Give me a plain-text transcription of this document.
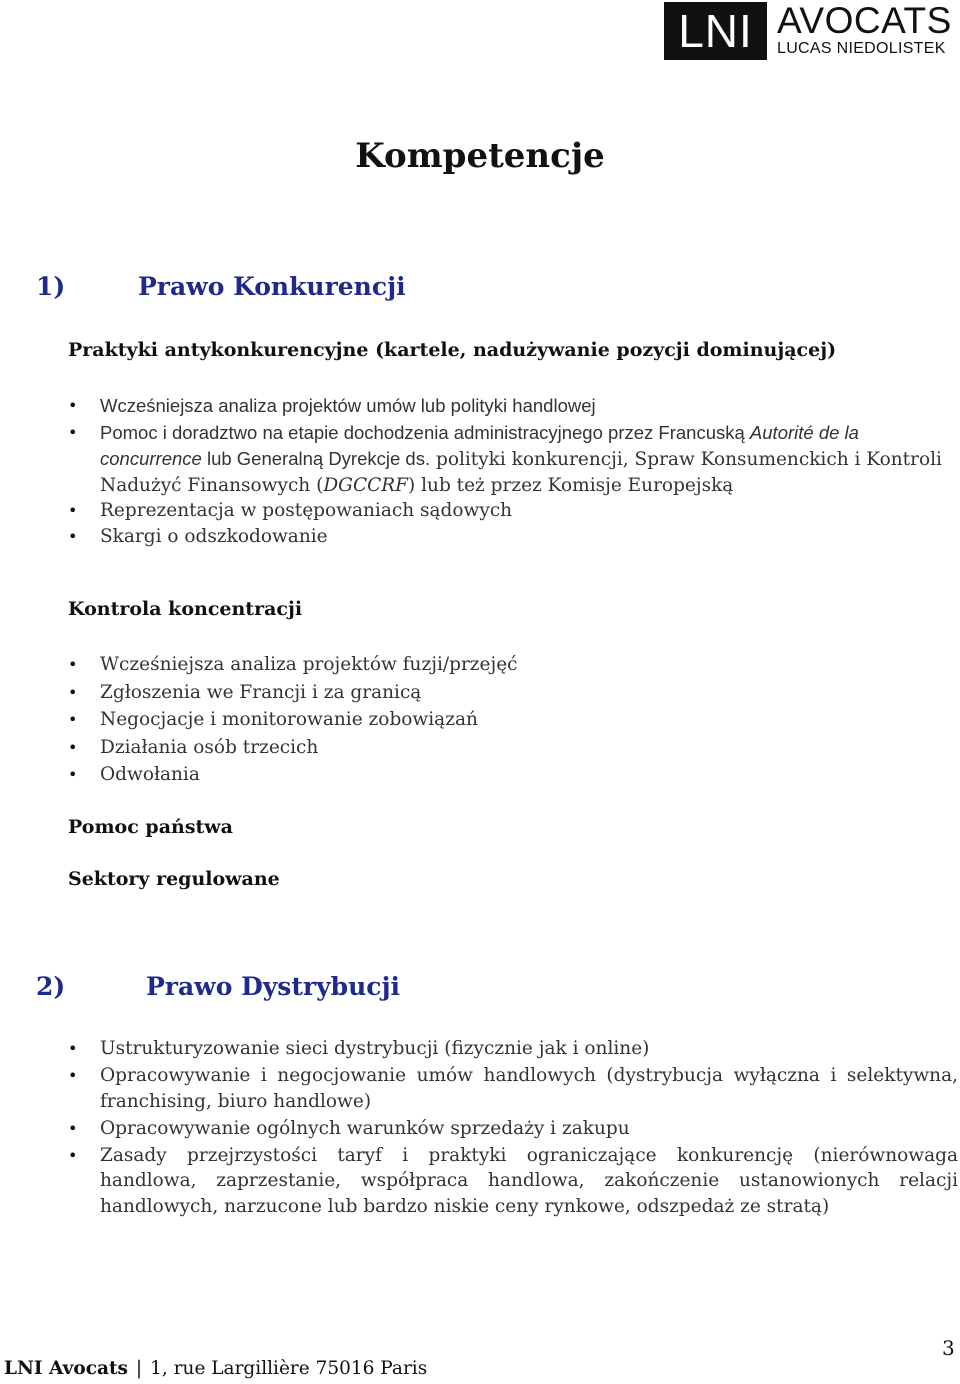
LNI AVOCATS
LUCAS NIEDOLISTEK
Kompetencje
1)	Prawo Konkurencji
Praktyki antykonkurencyjne (kartele, nadużywanie pozycji dominującej)
• Wcześniejsza analiza projektów umów lub polityki handlowej
• Pomoc i doradztwo na etapie dochodzenia administracyjnego przez Francuską Autorité de la concurrence lub Generalną Dyrekcje ds. polityki konkurencji, Spraw Konsumenckich i Kontroli Nadużyć Finansowych (DGCCRF) lub też przez Komisje Europejską
• Reprezentacja w postępowaniach sądowych
• Skargi o odszkodowanie
Kontrola koncentracji
• Wcześniejsza analiza projektów fuzji/przejęć
• Zgłoszenia we Francji i za granicą
• Negocjacje i monitorowanie zobowiązań
• Działania osób trzecich
• Odwołania
Pomoc państwa
Sektory regulowane
2)	Prawo Dystrybucji
• Ustrukturyzowanie sieci dystrybucji (fizycznie jak i online)
• Opracowywanie i negocjowanie umów handlowych (dystrybucja wyłączna i selektywna, franchising, biuro handlowe)
• Opracowywanie ogólnych warunków sprzedaży i zakupu
• Zasady przejrzystości taryf i praktyki ograniczające konkurencję (nierównowaga handlowa, zaprzestanie, współpraca handlowa, zakończenie ustanowionych relacji handlowych, narzucone lub bardzo niskie ceny rynkowe, odszpedaż ze stratą)
3
LNI Avocats | 1, rue Largillière 75016 Paris
